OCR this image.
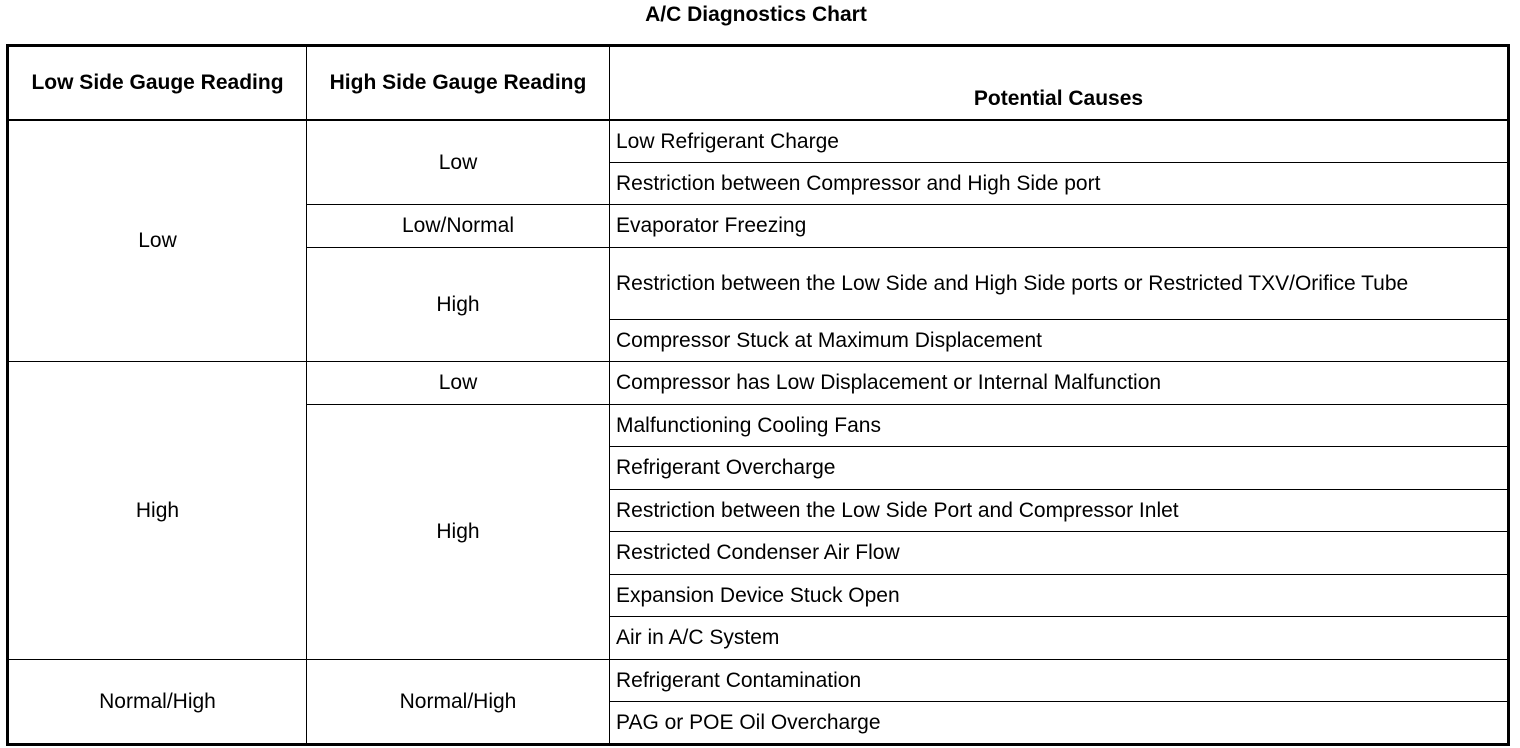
A/C Diagnostics Chart
Low Side Gauge Reading	High Side Gauge Reading	Potential Causes
Low	Low	Low Refrigerant Charge
		Restriction between Compressor and High Side port
	Low/Normal	Evaporator Freezing
	High	Restriction between the Low Side and High Side ports or Restricted TXV/Orifice Tube
		Compressor Stuck at Maximum Displacement
High	Low	Compressor has Low Displacement or Internal Malfunction
	High	Malfunctioning Cooling Fans
		Refrigerant Overcharge
		Restriction between the Low Side Port and Compressor Inlet
		Restricted Condenser Air Flow
		Expansion Device Stuck Open
		Air in A/C System
Normal/High	Normal/High	Refrigerant Contamination
		PAG or POE Oil Overcharge
